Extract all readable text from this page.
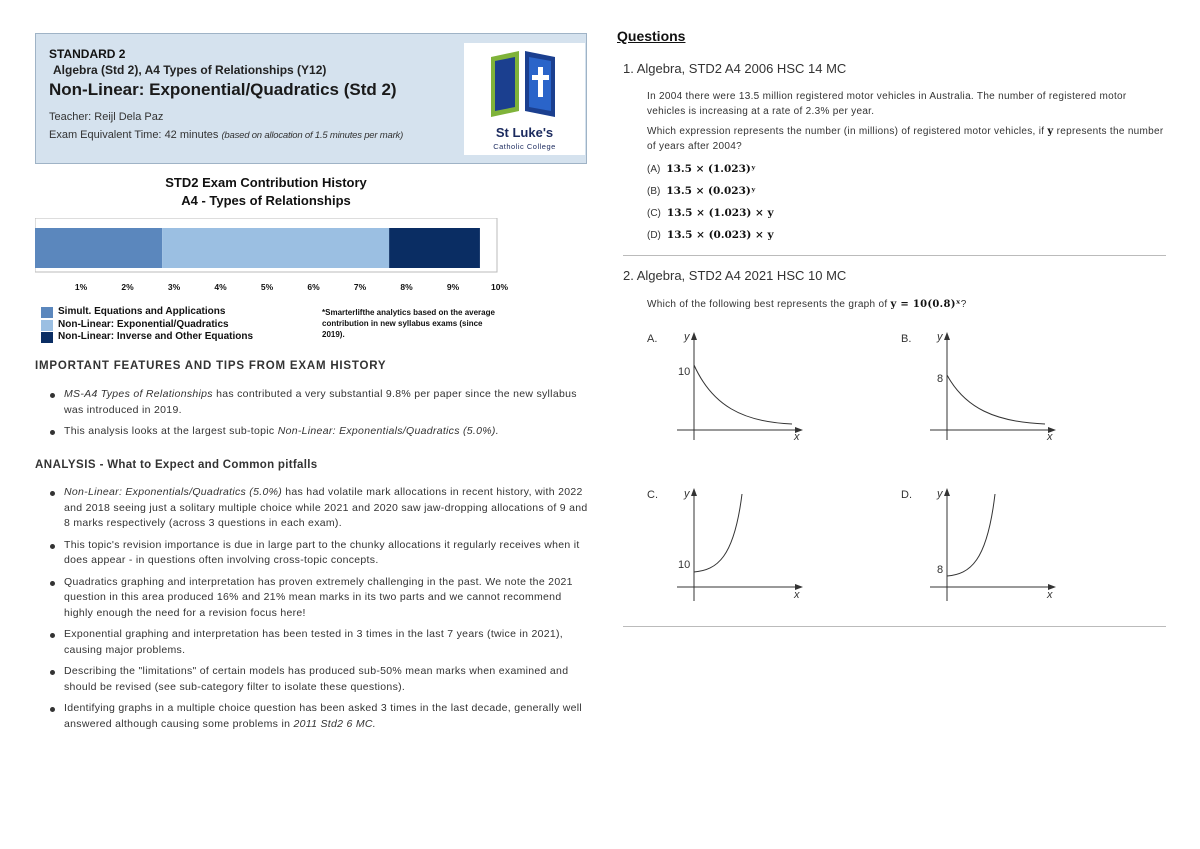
STANDARD 2
Algebra (Std 2), A4 Types of Relationships (Y12)
Non-Linear: Exponential/Quadratics (Std 2)
Teacher: Reijl Dela Paz
Exam Equivalent Time: 42 minutes (based on allocation of 1.5 minutes per mark)	St Luke's
Catholic College
STD2 Exam Contribution History
A4 - Types of Relationships
1%	2%	3%	4%	5%	6%	7%	8%	9%	10%
Simult. Equations and Applications
Non-Linear: Exponential/Quadratics
Non-Linear: Inverse and Other Equations
*Smarterlifthe analytics based on the average contribution in new syllabus exams (since 2019).
IMPORTANT FEATURES AND TIPS FROM EXAM HISTORY
MS-A4 Types of Relationships has contributed a very substantial 9.8% per paper since the new syllabus was introduced in 2019.
This analysis looks at the largest sub-topic Non-Linear: Exponentials/Quadratics (5.0%).
ANALYSIS - What to Expect and Common pitfalls
Non-Linear: Exponentials/Quadratics (5.0%) has had volatile mark allocations in recent history, with 2022 and 2018 seeing just a solitary multiple choice while 2021 and 2020 saw jaw-dropping allocations of 9 and 8 marks respectively (across 3 questions in each exam).
This topic's revision importance is due in large part to the chunky allocations it regularly receives when it does appear - in questions often involving cross-topic concepts.
Quadratics graphing and interpretation has proven extremely challenging in the past. We note the 2021 question in this area produced 16% and 21% mean marks in its two parts and we cannot recommend highly enough the need for a revision focus here!
Exponential graphing and interpretation has been tested in 3 times in the last 7 years (twice in 2021), causing major problems.
Describing the "limitations" of certain models has produced sub-50% mean marks when examined and should be revised (see sub-category filter to isolate these questions).
Identifying graphs in a multiple choice question has been asked 3 times in the last decade, generally well answered although causing some problems in 2011 Std2 6 MC.
Questions
1. Algebra, STD2 A4 2006 HSC 14 MC
In 2004 there were 13.5 million registered motor vehicles in Australia. The number of registered motor vehicles is increasing at a rate of 2.3% per year.
Which expression represents the number (in millions) of registered motor vehicles, if y represents the number of years after 2004?
(A) 13.5 × (1.023)ʸ
(B) 13.5 × (0.023)ʸ
(C) 13.5 × (1.023) × y
(D) 13.5 × (0.023) × y
2. Algebra, STD2 A4 2021 HSC 10 MC
Which of the following best represents the graph of y = 10(0.8)ˣ?
A. y
x
10
B. y
x
8
C. y
x
10
D. y
x
8
